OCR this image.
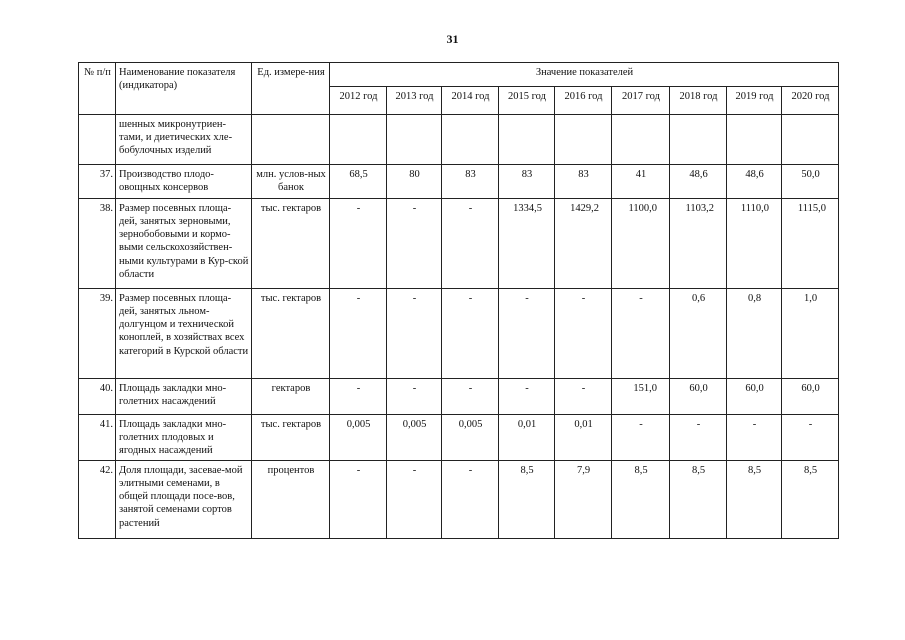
31
№ п/п	Наименование показателя (индикатора)	Ед. измере-ния	Значение показателей								
			2012 год	2013 год	2014 год	2015 год	2016 год	2017 год	2018 год	2019 год	2020 год
	шенных микронутриен-тами, и диетических хле-бобулочных изделий										
37.	Производство плодо-овощных консервов	млн. услов-ных банок	68,5	80	83	83	83	41	48,6	48,6	50,0
38.	Размер посевных площа-дей, занятых зерновыми, зернобобовыми и кормо-выми сельскохозяйствен-ными культурами в Кур-ской области	тыс. гектаров	-	-	-	1334,5	1429,2	1100,0	1103,2	1110,0	1115,0
39.	Размер посевных площа-дей, занятых льном-долгунцом и технической коноплей, в хозяйствах всех категорий в Курской области	тыс. гектаров	-	-	-	-	-	-	0,6	0,8	1,0
40.	Площадь закладки мно-голетних насаждений	гектаров	-	-	-	-	-	151,0	60,0	60,0	60,0
41.	Площадь закладки мно-голетних плодовых и ягодных насаждений	тыс. гектаров	0,005	0,005	0,005	0,01	0,01	-	-	-	-
42.	Доля площади, засевае-мой элитными семенами, в общей площади посе-вов, занятой семенами сортов растений	процентов	-	-	-	8,5	7,9	8,5	8,5	8,5	8,5
